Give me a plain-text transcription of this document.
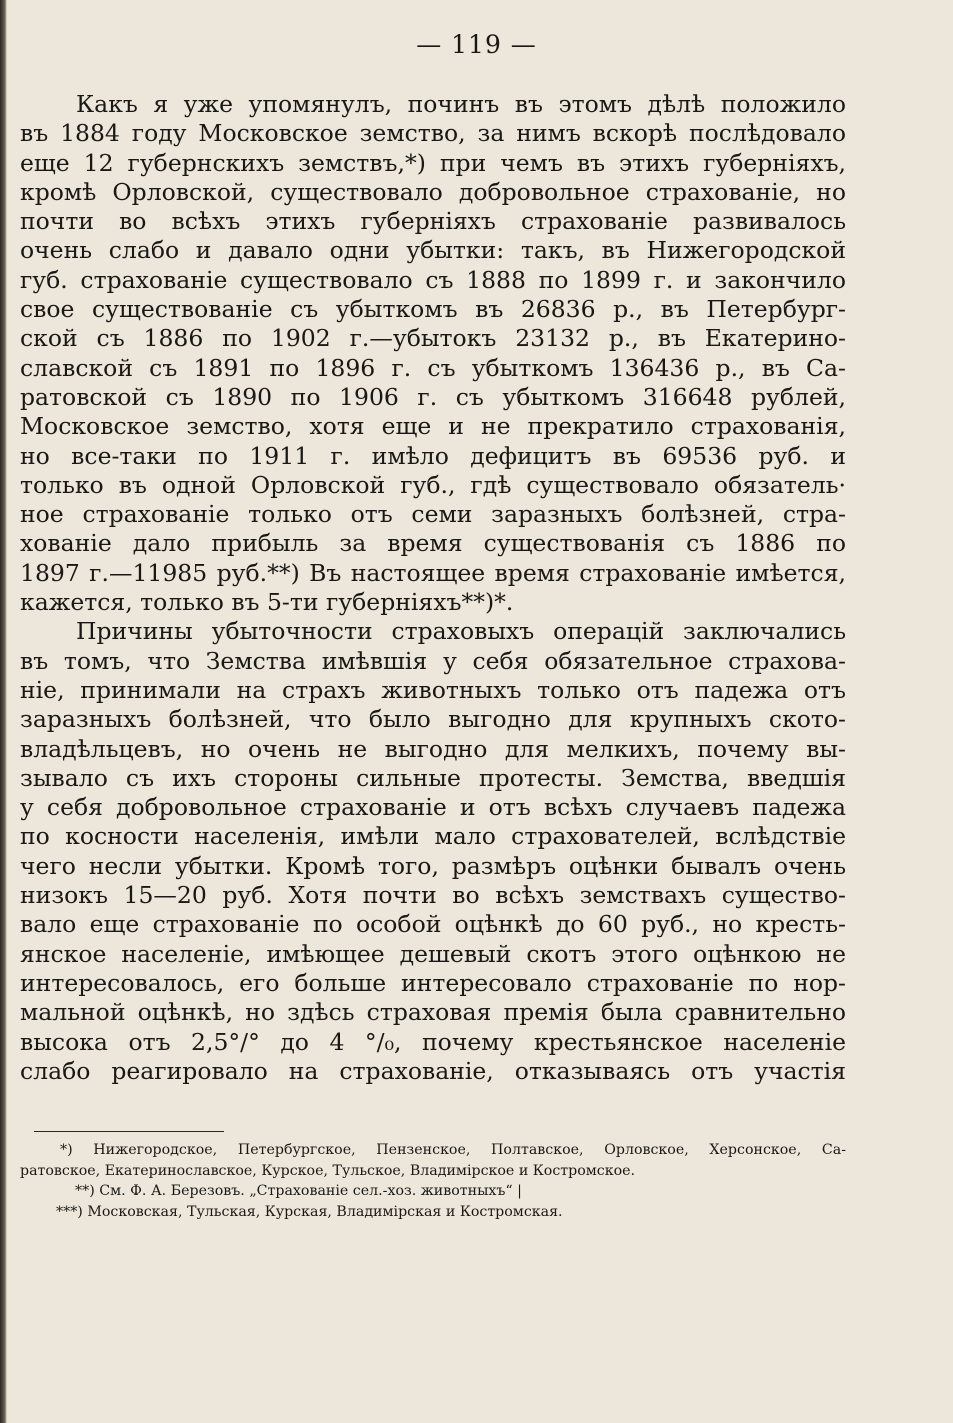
— 119 —
Какъ я уже упомянулъ, починъ въ этомъ дѣлѣ положило
въ 1884 году Московское земство, за нимъ вскорѣ послѣдовало
еще 12 губернскихъ земствъ,*) при чемъ въ этихъ губерніяхъ,
кромѣ Орловской, существовало добровольное страхованіе, но
почти во всѣхъ этихъ губерніяхъ страхованіе развивалось
очень слабо и давало одни убытки: такъ, въ Нижегородской
губ. страхованіе существовало съ 1888 по 1899 г. и закончило
свое существованіе съ убыткомъ въ 26836 р., въ Петербург-
ской съ 1886 по 1902 г.—убытокъ 23132 р., въ Екатерино-
славской съ 1891 по 1896 г. съ убыткомъ 136436 р., въ Са-
ратовской съ 1890 по 1906 г. съ убыткомъ 316648 рублей,
Московское земство, хотя еще и не прекратило страхованія,
но все-таки по 1911 г. имѣло дефицитъ въ 69536 руб. и
только въ одной Орловской губ., гдѣ существовало обязатель·
ное страхованіе только отъ семи заразныхъ болѣзней, стра-
хованіе дало прибыль за время существованія съ 1886 по
1897 г.—11985 руб.**) Въ настоящее время страхованіе имѣется,
кажется, только въ 5-ти губерніяхъ**)*.
Причины убыточности страховыхъ операцій заключались
въ томъ, что Земства имѣвшія у себя обязательное страхова-
ніе, принимали на страхъ животныхъ только отъ падежа отъ
заразныхъ болѣзней, что было выгодно для крупныхъ ското-
владѣльцевъ, но очень не выгодно для мелкихъ, почему вы-
зывало съ ихъ стороны сильные протесты. Земства, введшія
у себя добровольное страхованіе и отъ всѣхъ случаевъ падежа
по косности населенія, имѣли мало страхователей, вслѣдствіе
чего несли убытки. Кромѣ того, размѣръ оцѣнки бывалъ очень
низокъ 15—20 руб. Хотя почти во всѣхъ земствахъ существо-
вало еще страхованіе по особой оцѣнкѣ до 60 руб., но кресть-
янское населеніе, имѣющее дешевый скотъ этого оцѣнкою не
интересовалось, его больше интересовало страхованіе по нор-
мальной оцѣнкѣ, но здѣсь страховая премія была сравнительно
высока отъ 2,5°/° до 4 °/₀, почему крестьянское населеніе
слабо реагировало на страхованіе, отказываясь отъ участія
*) Нижегородское, Петербургское, Пензенское, Полтавское, Орловское, Херсонское, Са-
ратовское, Екатеринославское, Курское, Тульское, Владимірское и Костромское.
**) См. Ф. А. Березовъ. „Страхованіе сел.-хоз. животныхъ“ |
***) Московская, Тульская, Курская, Владимірская и Костромская.
